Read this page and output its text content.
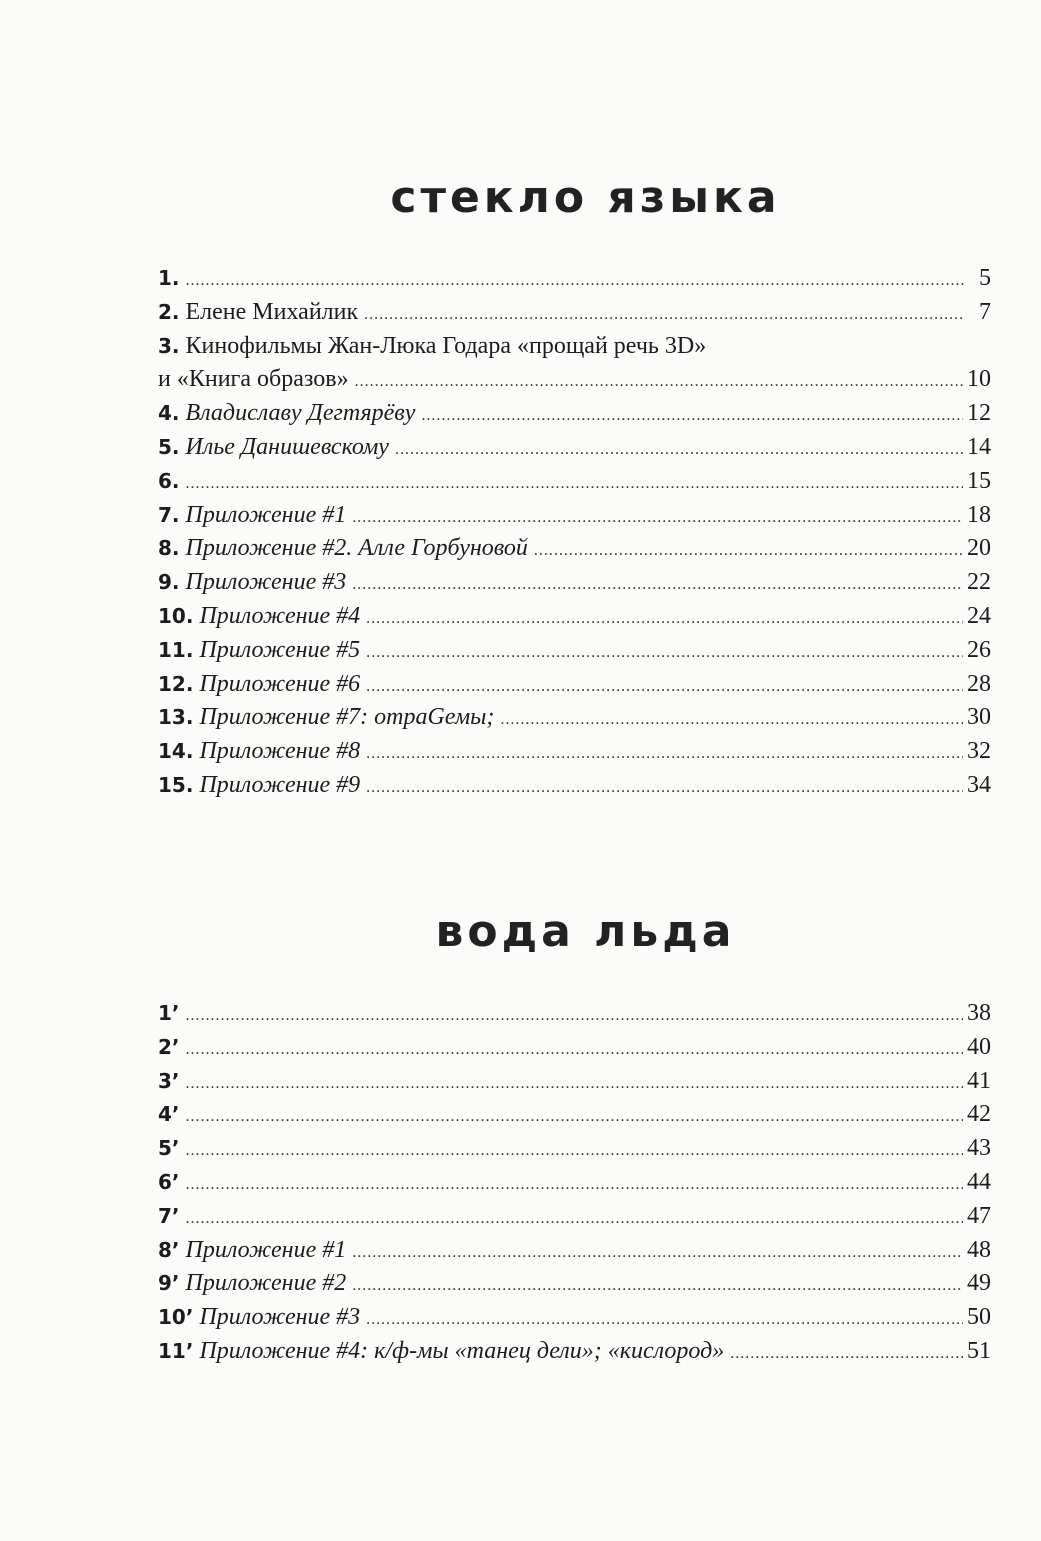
стекло языка
1. .....	5
2. Елене Михайлик .....	7
3. Кинофильмы Жан-Люка Годара «прощай речь 3D»
и «Книга образов» .....	10
4. Владиславу Дегтярёву .....	12
5. Илье Данишевскому .....	14
6. .....	15
7. Приложение #1 .....	18
8. Приложение #2. Алле Горбуновой .....	20
9. Приложение #3 .....	22
10. Приложение #4 .....	24
11. Приложение #5 .....	26
12. Приложение #6 .....	28
13. Приложение #7: отраGемы; .....	30
14. Приложение #8 .....	32
15. Приложение #9 .....	34
вода льда
1’ .....	38
2’ .....	40
3’ .....	41
4’ .....	42
5’ .....	43
6’ .....	44
7’ .....	47
8’ Приложение #1 .....	48
9’ Приложение #2 .....	49
10’ Приложение #3 .....	50
11’ Приложение #4: к/ф-мы «танец дели»; «кислород» .....	51
